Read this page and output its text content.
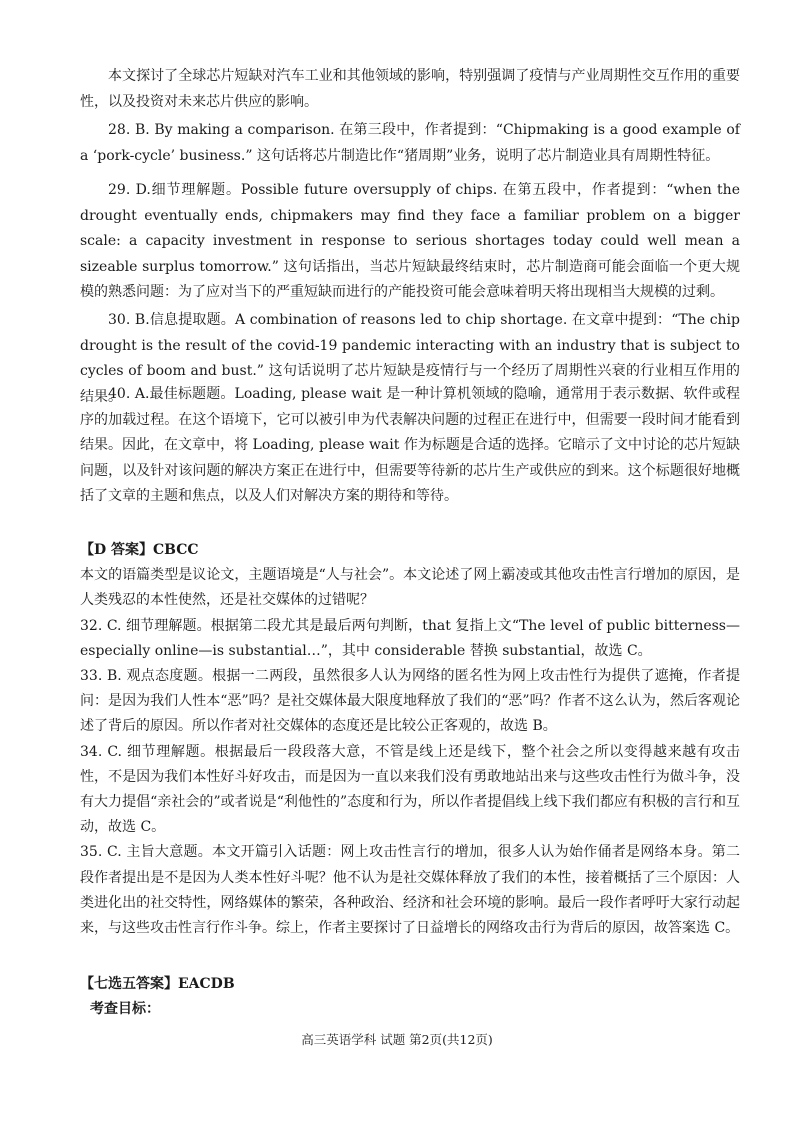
本文探讨了全球芯片短缺对汽车工业和其他领域的影响，特别强调了疫情与产业周期性交互作用的重要性，以及投资对未来芯片供应的影响。
28. B. By making a comparison. 在第三段中，作者提到：“Chipmaking is a good example of a ‘pork-cycle’ business.” 这句话将芯片制造比作“猪周期”业务，说明了芯片制造业具有周期性特征。
29. D.细节理解题。Possible future oversupply of chips. 在第五段中，作者提到：“when the drought eventually ends, chipmakers may find they face a familiar problem on a bigger scale: a capacity investment in response to serious shortages today could well mean a sizeable surplus tomorrow.” 这句话指出，当芯片短缺最终结束时，芯片制造商可能会面临一个更大规模的熟悉问题：为了应对当下的严重短缺而进行的产能投资可能会意味着明天将出现相当大规模的过剩。
30. B.信息提取题。A combination of reasons led to chip shortage. 在文章中提到：“The chip drought is the result of the covid-19 pandemic interacting with an industry that is subject to cycles of boom and bust.” 这句话说明了芯片短缺是疫情行与一个经历了周期性兴衰的行业相互作用的结果。
40. A.最佳标题题。Loading, please wait 是一种计算机领域的隐喻，通常用于表示数据、软件或程序的加载过程。在这个语境下，它可以被引申为代表解决问题的过程正在进行中，但需要一段时间才能看到结果。因此，在文章中，将 Loading, please wait 作为标题是合适的选择。它暗示了文中讨论的芯片短缺问题，以及针对该问题的解决方案正在进行中，但需要等待新的芯片生产或供应的到来。这个标题很好地概括了文章的主题和焦点，以及人们对解决方案的期待和等待。

【D 答案】CBCC

本文的语篇类型是议论文，主题语境是“人与社会”。本文论述了网上霸凌或其他攻击性言行增加的原因，是人类残忍的本性使然，还是社交媒体的过错呢？

32. C. 细节理解题。根据第二段尤其是最后两句判断，that 复指上文“The level of public bitterness—especially online—is substantial…”，其中 considerable 替换 substantial，故选 C。

33. B. 观点态度题。根据一二两段，虽然很多人认为网络的匿名性为网上攻击性行为提供了遮掩，作者提问：是因为我们人性本“恶”吗？是社交媒体最大限度地释放了我们的“恶”吗？作者不这么认为，然后客观论述了背后的原因。所以作者对社交媒体的态度还是比较公正客观的，故选 B。

34. C. 细节理解题。根据最后一段段落大意，不管是线上还是线下，整个社会之所以变得越来越有攻击性，不是因为我们本性好斗好攻击，而是因为一直以来我们没有勇敢地站出来与这些攻击性行为做斗争，没有大力提倡“亲社会的”或者说是“利他性的”态度和行为，所以作者提倡线上线下我们都应有积极的言行和互动，故选 C。

35. C. 主旨大意题。本文开篇引入话题：网上攻击性言行的增加，很多人认为始作俑者是网络本身。第二段作者提出是不是因为人类本性好斗呢？他不认为是社交媒体释放了我们的本性，接着概括了三个原因：人类进化出的社交特性，网络媒体的繁荣，各种政治、经济和社会环境的影响。最后一段作者呼吁大家行动起来，与这些攻击性言行作斗争。综上，作者主要探讨了日益增长的网络攻击行为背后的原因，故答案选 C。

【七选五答案】EACDB

考查目标：

高三英语学科 试题 第2页(共12页)
